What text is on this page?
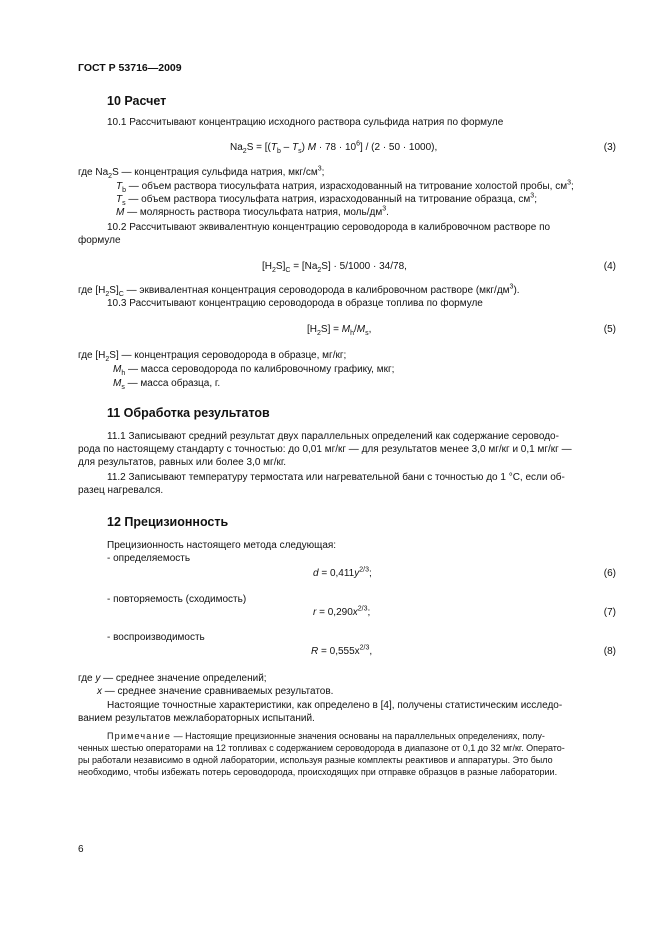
ГОСТ Р 53716—2009
10 Расчет
10.1 Рассчитывают концентрацию исходного раствора сульфида натрия по формуле
$Na_2S = [(T_b - T_s) M \cdot 78 \cdot 10^6] / (2 \cdot 50 \cdot 1000)$,	(3)
где $Na_2S$ — концентрация сульфида натрия, мкг/$см^3$;
$T_b$ — объем раствора тиосульфата натрия, израсходованный на титрование холостой пробы, $см^3$;
$T_s$ — объем раствора тиосульфата натрия, израсходованный на титрование образца, $см^3$;
M — молярность раствора тиосульфата натрия, моль/$дм^3$.
10.2 Рассчитывают эквивалентную концентрацию сероводорода в калибровочном растворе по
формуле
$[H_2S]_C = [Na_2S] \cdot 5/1000 \cdot 34/78$,	(4)
где $[H_2S]_C$ — эквивалентная концентрация сероводорода в калибровочном растворе $(мкг/дм^3)$.
10.3 Рассчитывают концентрацию сероводорода в образце топлива по формуле
$[H_2S] = M_h/M_s$,	(5)
где $[H_2S]$ — концентрация сероводорода в образце, мг/кг;
$M_h$ — масса сероводорода по калибровочному графику, мкг;
$M_s$ — масса образца, г.
11 Обработка результатов
11.1 Записывают средний результат двух параллельных определений как содержание сероводо-
рода по настоящему стандарту с точностью: до 0,01 мг/кг — для результатов менее 3,0 мг/кг и 0,1 мг/кг —
для результатов, равных или более 3,0 мг/кг.
11.2 Записывают температуру термостата или нагревательной бани с точностью до 1 °С, если об-
разец нагревался.
12 Прецизионность
Прецизионность настоящего метода следующая:
- определяемость
$d = 0,411y^{2/3}$;	(6)
- повторяемость (сходимость)
$r = 0,290x^{2/3}$;	(7)
- воспроизводимость
$R = 0,555x^{2/3}$,	(8)
где y — среднее значение определений;
x — среднее значение сравниваемых результатов.
Настоящие точностные характеристики, как определено в [4], получены статистическим исследо-
ванием результатов межлабораторных испытаний.
Примечание — Настоящие прецизионные значения основаны на параллельных определениях, полу-
ченных шестью операторами на 12 топливах с содержанием сероводорода в диапазоне от 0,1 до 32 мг/кг. Операто-
ры работали независимо в одной лаборатории, используя разные комплекты реактивов и аппаратуры. Это было
необходимо, чтобы избежать потерь сероводорода, происходящих при отправке образцов в разные лаборатории.
6
